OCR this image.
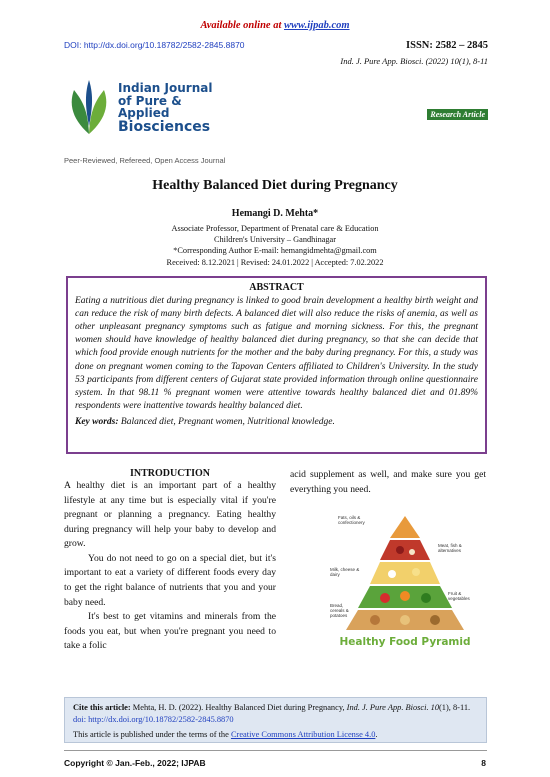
Available online at www.ijpab.com
DOI: http://dx.doi.org/10.18782/2582-2845.8870	ISSN: 2582 – 2845
Ind. J. Pure App. Biosci. (2022) 10(1), 8-11
Research Article
Indian Journal
of Pure & Applied
Biosciences
Peer-Reviewed, Refereed, Open Access Journal
Healthy Balanced Diet during Pregnancy
Hemangi D. Mehta*
Associate Professor, Department of Prenatal care & Education
Children's University – Gandhinagar
*Corresponding Author E-mail: hemangidmehta@gmail.com
Received: 8.12.2021 | Revised: 24.01.2022 | Accepted: 7.02.2022
ABSTRACT
Eating a nutritious diet during pregnancy is linked to good brain development a healthy birth weight and can reduce the risk of many birth defects. A balanced diet will also reduce the risks of anemia, as well as other unpleasant pregnancy symptoms such as fatigue and morning sickness. For this, the pregnant women should have knowledge of healthy balanced diet during pregnancy, so that she can decide that which food provide enough nutrients for the mother and the baby during pregnancy. For this, a study was done on pregnant women coming to the Tapovan Centers affiliated to Children's University. In the study 53 participants from different centers of Gujarat state provided information through online questionnaire system. In that 98.11 % pregnant women were attentive towards healthy balanced diet and 01.89% respondents were inattentive towards healthy balanced diet.
Key words: Balanced diet, Pregnant women, Nutritional knowledge.
INTRODUCTION
A healthy diet is an important part of a healthy lifestyle at any time but is especially vital if you're pregnant or planning a pregnancy. Eating healthy during pregnancy will help your baby to develop and grow.
You do not need to go on a special diet, but it's important to eat a variety of different foods every day to get the right balance of nutrients that you and your baby need.
It's best to get vitamins and minerals from the foods you eat, but when you're pregnant you need to take a folic
acid supplement as well, and make sure you get everything you need.
Fats, oils & confectionery
Meat, fish & alternatives
Milk, cheese & dairy
Fruit & vegetables
Bread, cereals & potatoes
Healthy Food Pyramid
Cite this article: Mehta, H. D. (2022). Healthy Balanced Diet during Pregnancy, Ind. J. Pure App. Biosci. 10(1), 8-11. doi: http://dx.doi.org/10.18782/2582-2845.8870
This article is published under the terms of the Creative Commons Attribution License 4.0.
Copyright © Jan.-Feb., 2022; IJPAB	8
